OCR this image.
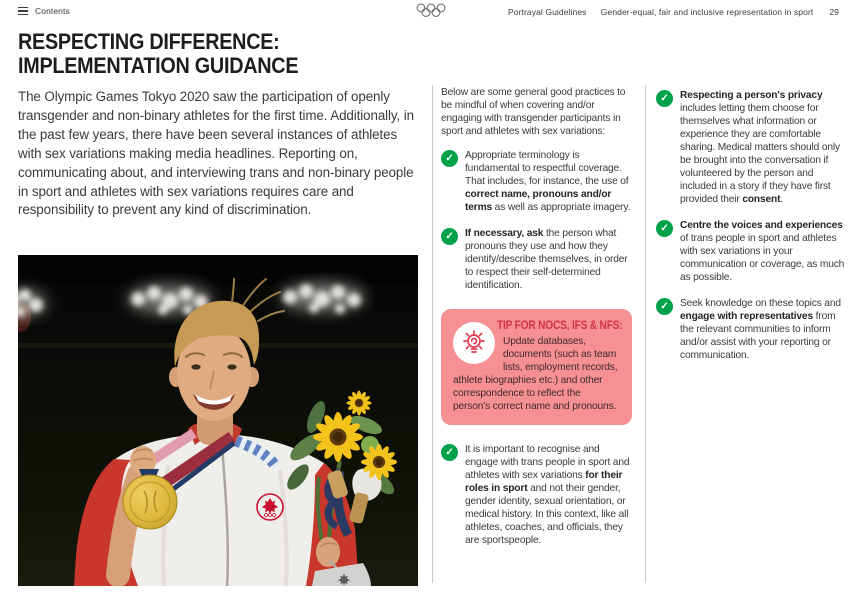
Contents	Portrayal Guidelines Gender-equal, fair and inclusive representation in sport 29
RESPECTING DIFFERENCE:
IMPLEMENTATION GUIDANCE

The Olympic Games Tokyo 2020 saw the participation of openly transgender and non-binary athletes for the first time. Additionally, in the past few years, there have been several instances of athletes with sex variations making media headlines. Reporting on, communicating about, and interviewing trans and non-binary people in sport and athletes with sex variations requires care and responsibility to prevent any kind of discrimination.

Below are some general good practices to be mindful of when covering and/or engaging with transgender participants in sport and athletes with sex variations:

✓	Appropriate terminology is fundamental to respectful coverage. That includes, for instance, the use of correct name, pronouns and/or terms as well as appropriate imagery.

✓	If necessary, ask the person what pronouns they use and how they identify/describe themselves, in order to respect their self-determined identification.

TIP FOR NOCS, IFS & NFS:
Update databases, documents (such as team lists, employment records, athlete biographies etc.) and other correspondence to reflect the person's correct name and pronouns.
✓	It is important to recognise and engage with trans people in sport and athletes with sex variations for their roles in sport and not their gender, gender identity, sexual orientation, or medical history. In this context, like all athletes, coaches, and officials, they are sportspeople.

✓	Respecting a person's privacy includes letting them choose for themselves what information or experience they are comfortable sharing. Medical matters should only be brought into the conversation if volunteered by the person and included in a story if they have first provided their consent.

✓	Centre the voices and experiences of trans people in sport and athletes with sex variations in your communication or coverage, as much as possible.

✓	Seek knowledge on these topics and engage with representatives from the relevant communities to inform and/or assist with your reporting or communication.
